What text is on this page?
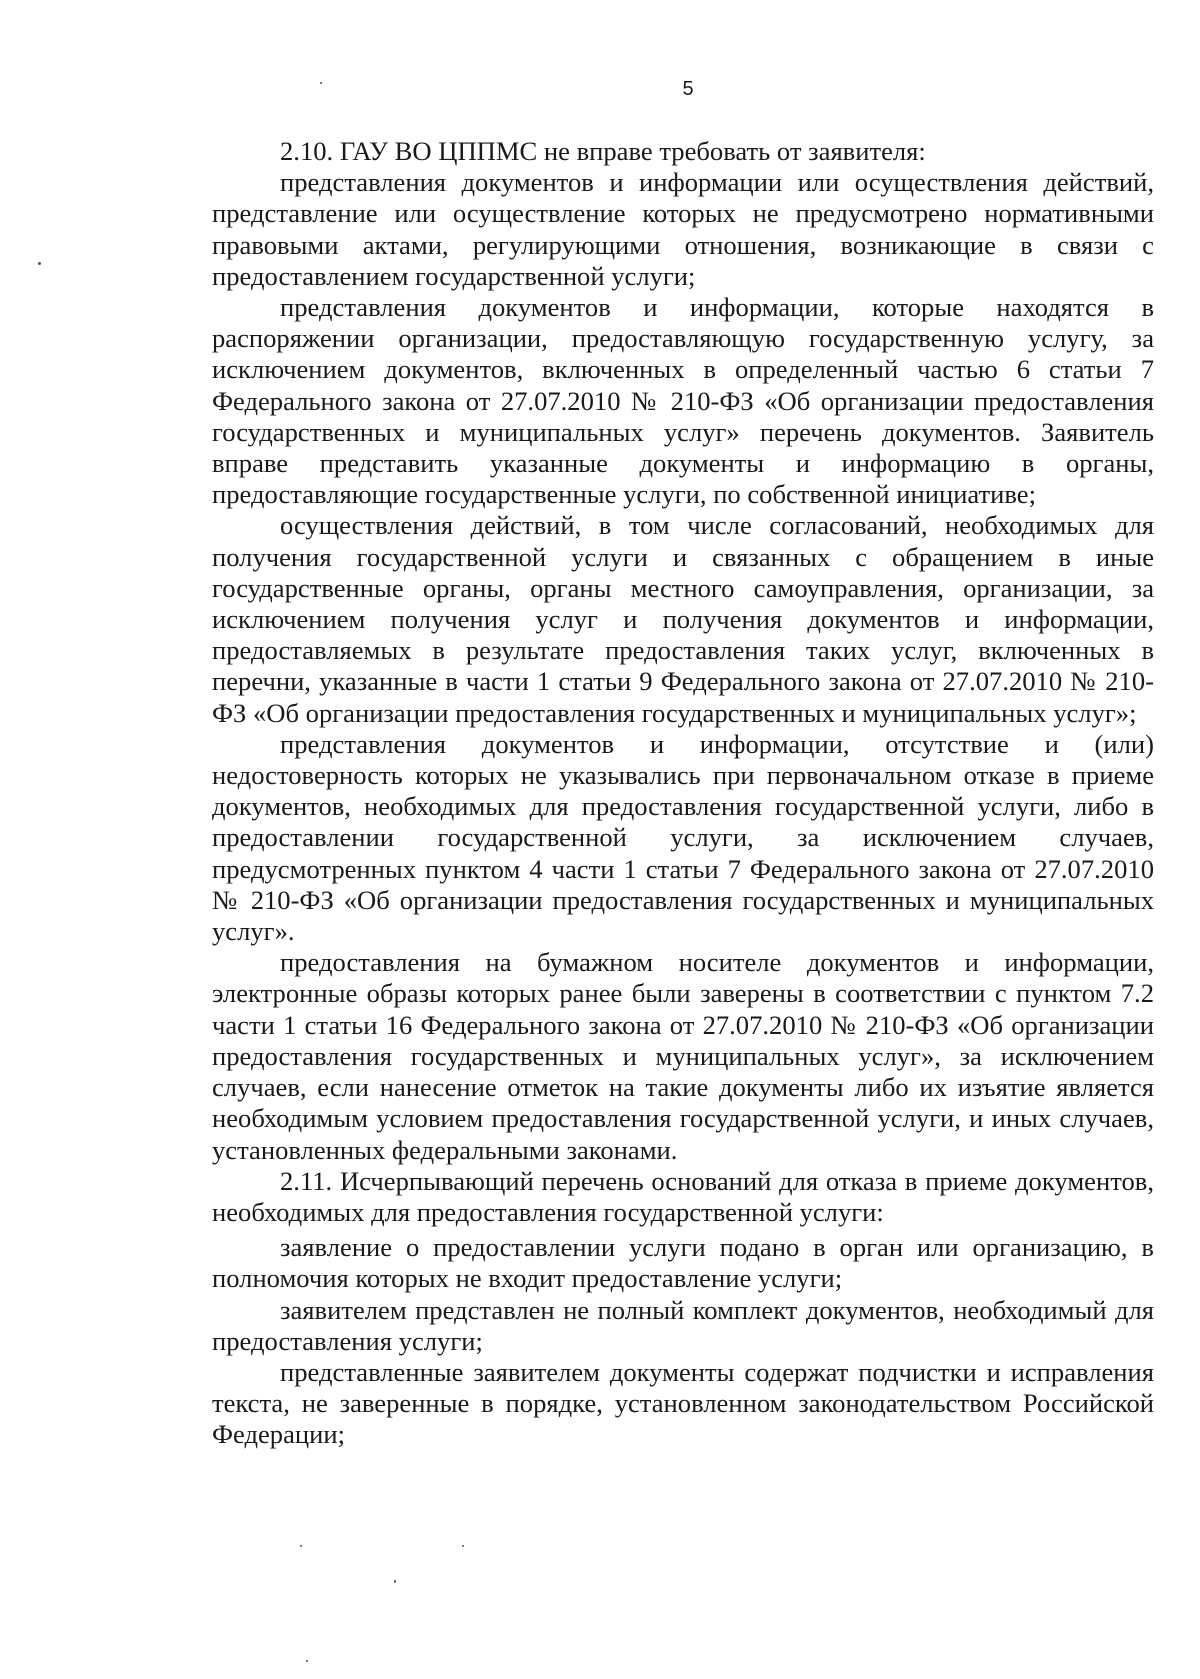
5

2.10. ГАУ ВО ЦППМС не вправе требовать от заявителя:

представления документов и информации или осуществления действий, представление или осуществление которых не предусмотрено нормативными правовыми актами, регулирующими отношения, возникающие в связи с предоставлением государственной услуги;

представления документов и информации, которые находятся в распоряжении организации, предоставляющую государственную услугу, за исключением документов, включенных в определенный частью 6 статьи 7 Федерального закона от 27.07.2010 № 210-ФЗ «Об организации предоставления государственных и муниципальных услуг» перечень документов. Заявитель вправе представить указанные документы и информацию в органы, предоставляющие государственные услуги, по собственной инициативе;

осуществления действий, в том числе согласований, необходимых для получения государственной услуги и связанных с обращением в иные государственные органы, органы местного самоуправления, организации, за исключением получения услуг и получения документов и информации, предоставляемых в результате предоставления таких услуг, включенных в перечни, указанные в части 1 статьи 9 Федерального закона от 27.07.2010 № 210-ФЗ «Об организации предоставления государственных и муниципальных услуг»;

представления документов и информации, отсутствие и (или) недостоверность которых не указывались при первоначальном отказе в приеме документов, необходимых для предоставления государственной услуги, либо в предоставлении государственной услуги, за исключением случаев, предусмотренных пунктом 4 части 1 статьи 7 Федерального закона от 27.07.2010 № 210-ФЗ «Об организации предоставления государственных и муниципальных услуг».

предоставления на бумажном носителе документов и информации, электронные образы которых ранее были заверены в соответствии с пунктом 7.2 части 1 статьи 16 Федерального закона от 27.07.2010 № 210-ФЗ «Об организации предоставления государственных и муниципальных услуг», за исключением случаев, если нанесение отметок на такие документы либо их изъятие является необходимым условием предоставления государственной услуги, и иных случаев, установленных федеральными законами.

2.11. Исчерпывающий перечень оснований для отказа в приеме документов, необходимых для предоставления государственной услуги:

заявление о предоставлении услуги подано в орган или организацию, в полномочия которых не входит предоставление услуги;

заявителем представлен не полный комплект документов, необходимый для предоставления услуги;

представленные заявителем документы содержат подчистки и исправления текста, не заверенные в порядке, установленном законодательством Российской Федерации;
